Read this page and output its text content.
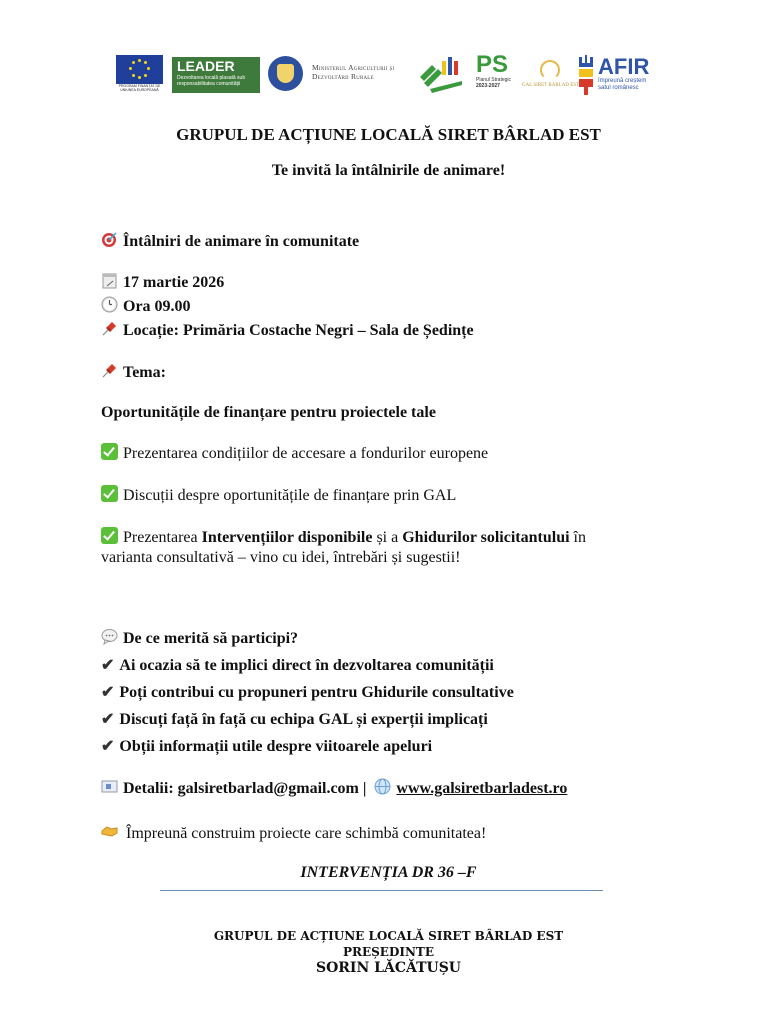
PROGRAM FINANȚAT DE UNIUNEA EUROPEANĂ
LEADER
Dezvoltarea locală plasată sub responsabilitatea comunității
Ministerul Agriculturii și Dezvoltării Rurale	PS
Planul Strategic
2023-2027	GAL SIRET BARLAD EST
AFIR
împreună creștem satul românesc
GRUPUL DE ACȚIUNE LOCALĂ SIRET BÂRLAD EST
Te invită la întâlnirile de animare!
Întâlniri de animare în comunitate
17 martie 2026
Ora 09.00
Locație: Primăria Costache Negri – Sala de Ședințe
Tema:
Oportunitățile de finanțare pentru proiectele tale
Prezentarea condițiilor de accesare a fondurilor europene
Discuții despre oportunitățile de finanțare prin GAL
Prezentarea Intervențiilor disponibile și a Ghidurilor solicitantului în
varianta consultativă – vino cu idei, întrebări și sugestii!
De ce merită să participi?
✔ Ai ocazia să te implici direct în dezvoltarea comunității
✔ Poți contribui cu propuneri pentru Ghidurile consultative
✔ Discuți față în față cu echipa GAL și experții implicați
✔ Obții informații utile despre viitoarele apeluri
Detalii: galsiretbarlad@gmail.com | www.galsiretbarladest.ro
Împreună construim proiecte care schimbă comunitatea!
INTERVENȚIA DR 36 –F
GRUPUL DE ACȚIUNE LOCALĂ SIRET BÂRLAD EST
PREȘEDINTE
SORIN LĂCĂTUȘU
